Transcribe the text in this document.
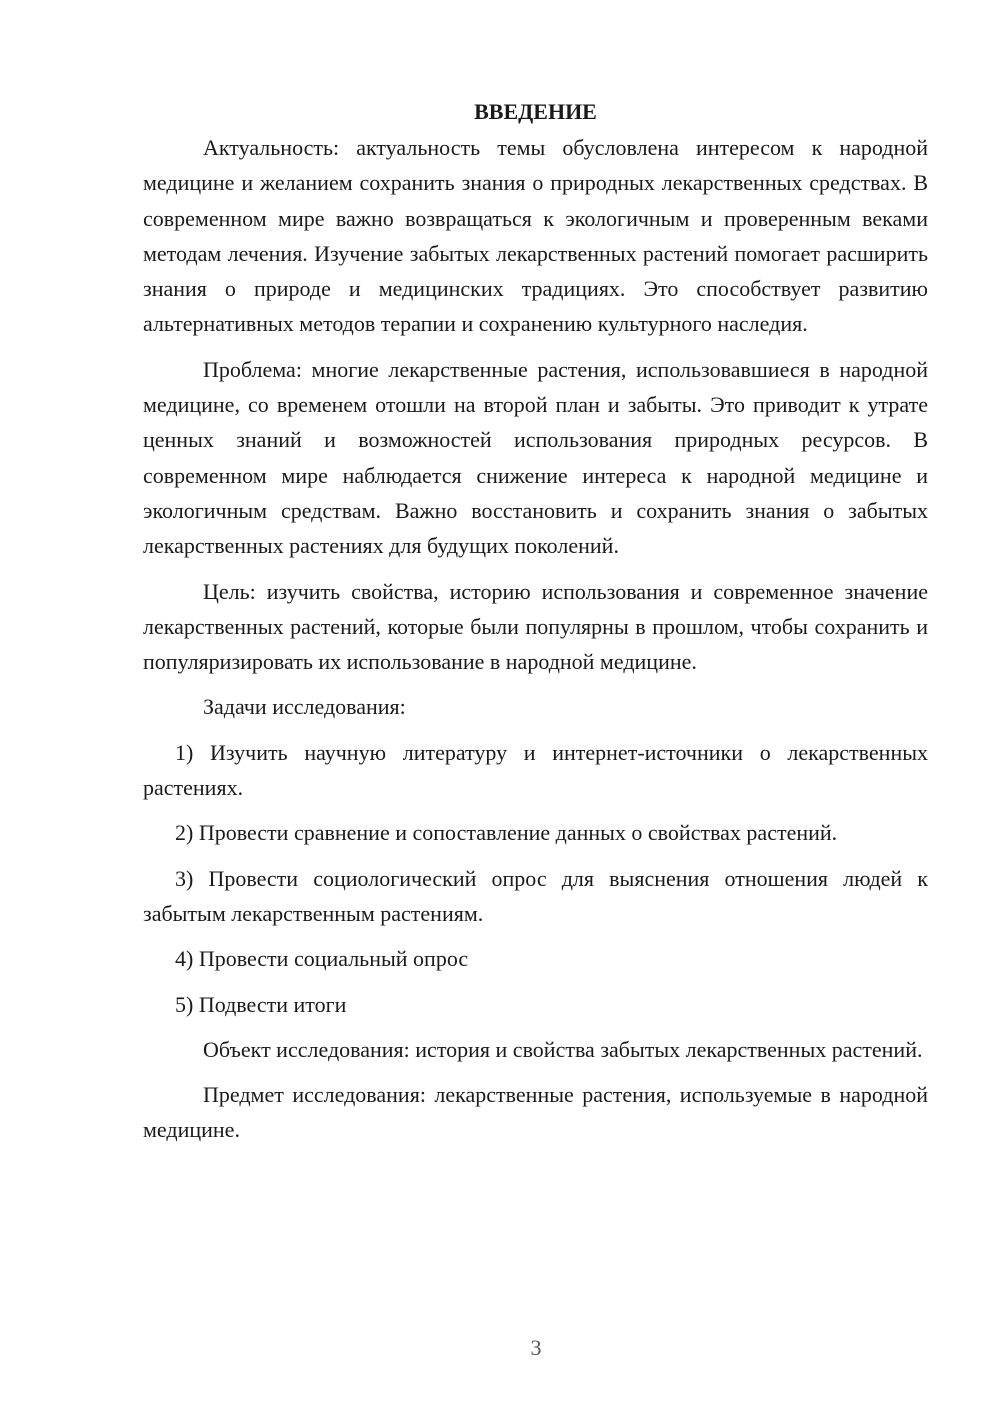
ВВЕДЕНИЕ

Актуальность: актуальность темы обусловлена интересом к народной медицине и желанием сохранить знания о природных лекарственных средствах. В современном мире важно возвращаться к экологичным и проверенным веками методам лечения. Изучение забытых лекарственных растений помогает расширить знания о природе и медицинских традициях. Это способствует развитию альтернативных методов терапии и сохранению культурного наследия.

Проблема: многие лекарственные растения, использовавшиеся в народной медицине, со временем отошли на второй план и забыты. Это приводит к утрате ценных знаний и возможностей использования природных ресурсов. В современном мире наблюдается снижение интереса к народной медицине и экологичным средствам. Важно восстановить и сохранить знания о забытых лекарственных растениях для будущих поколений.

Цель: изучить свойства, историю использования и современное значение лекарственных растений, которые были популярны в прошлом, чтобы сохранить и популяризировать их использование в народной медицине.

Задачи исследования:

1) Изучить научную литературу и интернет-источники о лекарственных растениях.

2) Провести сравнение и сопоставление данных о свойствах растений.

3) Провести социологический опрос для выяснения отношения людей к забытым лекарственным растениям.

4) Провести социальный опрос

5) Подвести итоги

Объект исследования: история и свойства забытых лекарственных растений.

Предмет исследования: лекарственные растения, используемые в народной медицине.

3
